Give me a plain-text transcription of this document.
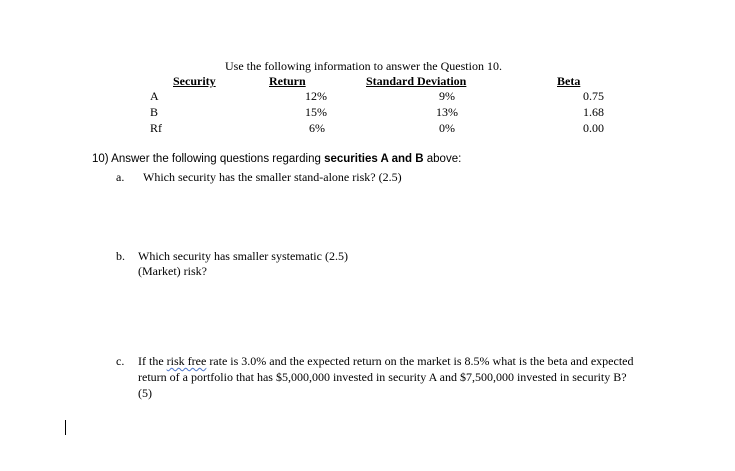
Use the following information to answer the Question 10.
Security	Return	Standard Deviation	Beta
A	12%	9%	0.75
B	15%	13%	1.68
Rf	6%	0%	0.00
10) Answer the following questions regarding securities A and B above:
a. Which security has the smaller stand-alone risk? (2.5)
b. Which security has smaller systematic (2.5)
(Market) risk?
c. If the risk free rate is 3.0% and the expected return on the market is 8.5% what is the beta and expected
return of a portfolio that has $5,000,000 invested in security A and $7,500,000 invested in security B?
(5)
